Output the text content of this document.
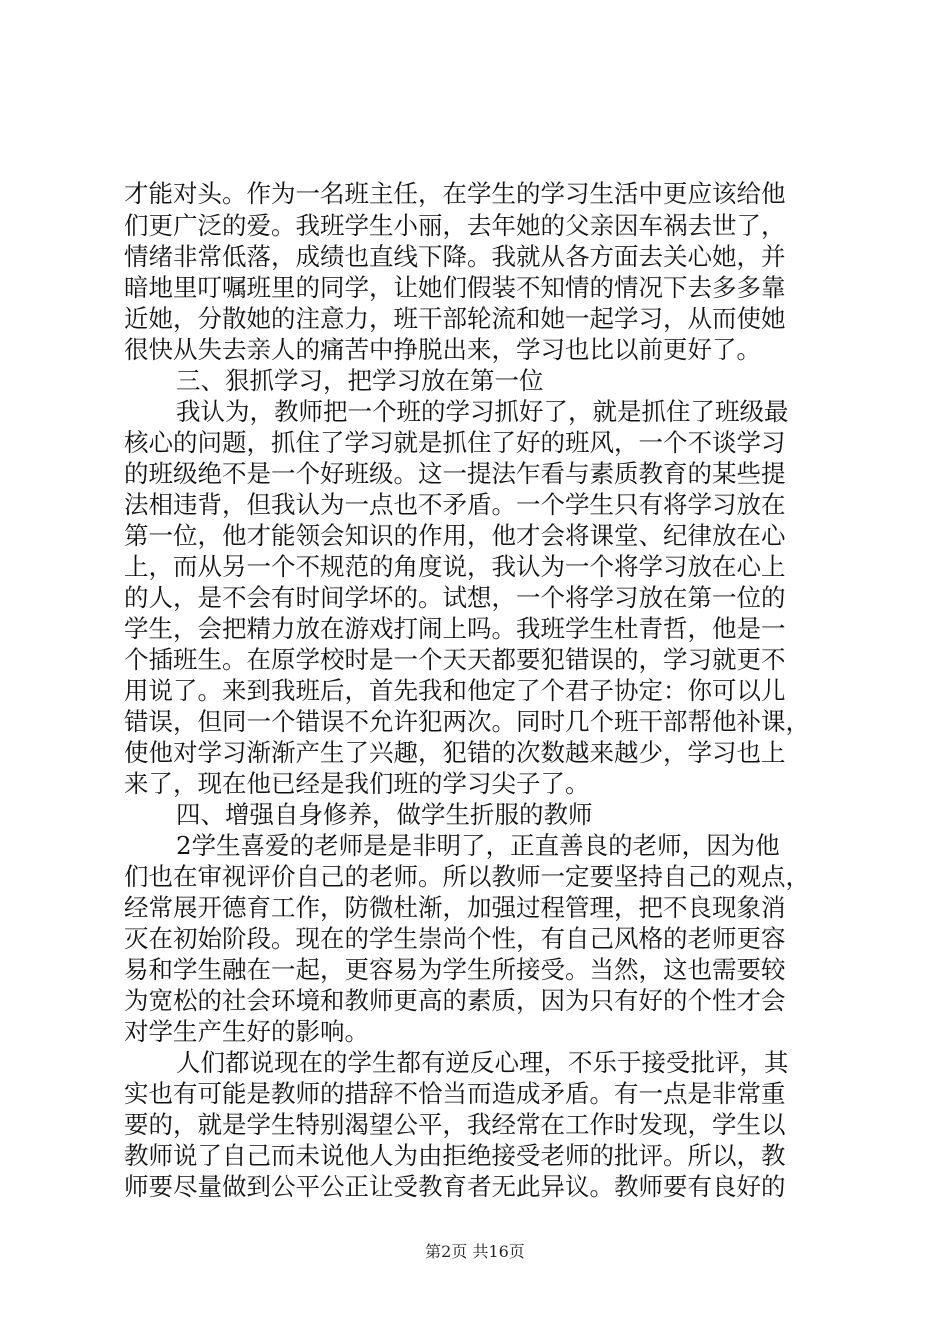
才能对头。作为一名班主任，在学生的学习生活中更应该给他
们更广泛的爱。我班学生小丽，去年她的父亲因车祸去世了，
情绪非常低落，成绩也直线下降。我就从各方面去关心她，并
暗地里叮嘱班里的同学，让她们假装不知情的情况下去多多靠
近她，分散她的注意力，班干部轮流和她一起学习，从而使她
很快从失去亲人的痛苦中挣脱出来，学习也比以前更好了。
三、狠抓学习，把学习放在第一位
我认为，教师把一个班的学习抓好了，就是抓住了班级最
核心的问题，抓住了学习就是抓住了好的班风，一个不谈学习
的班级绝不是一个好班级。这一提法乍看与素质教育的某些提
法相违背，但我认为一点也不矛盾。一个学生只有将学习放在
第一位，他才能领会知识的作用，他才会将课堂、纪律放在心
上，而从另一个不规范的角度说，我认为一个将学习放在心上
的人，是不会有时间学坏的。试想，一个将学习放在第一位的
学生，会把精力放在游戏打闹上吗。我班学生杜青哲，他是一
个插班生。在原学校时是一个天天都要犯错误的，学习就更不
用说了。来到我班后，首先我和他定了个君子协定：你可以儿
错误，但同一个错误不允许犯两次。同时几个班干部帮他补课，
使他对学习渐渐产生了兴趣，犯错的次数越来越少，学习也上
来了，现在他已经是我们班的学习尖子了。
四、增强自身修养，做学生折服的教师
2学生喜爱的老师是是非明了，正直善良的老师，因为他
们也在审视评价自己的老师。所以教师一定要坚持自己的观点，
经常展开德育工作，防微杜渐，加强过程管理，把不良现象消
灭在初始阶段。现在的学生崇尚个性，有自己风格的老师更容
易和学生融在一起，更容易为学生所接受。当然，这也需要较
为宽松的社会环境和教师更高的素质，因为只有好的个性才会
对学生产生好的影响。
人们都说现在的学生都有逆反心理，不乐于接受批评，其
实也有可能是教师的措辞不恰当而造成矛盾。有一点是非常重
要的，就是学生特别渴望公平，我经常在工作时发现，学生以
教师说了自己而未说他人为由拒绝接受老师的批评。所以，教
师要尽量做到公平公正让受教育者无此异议。教师要有良好的
第2页 共16页
